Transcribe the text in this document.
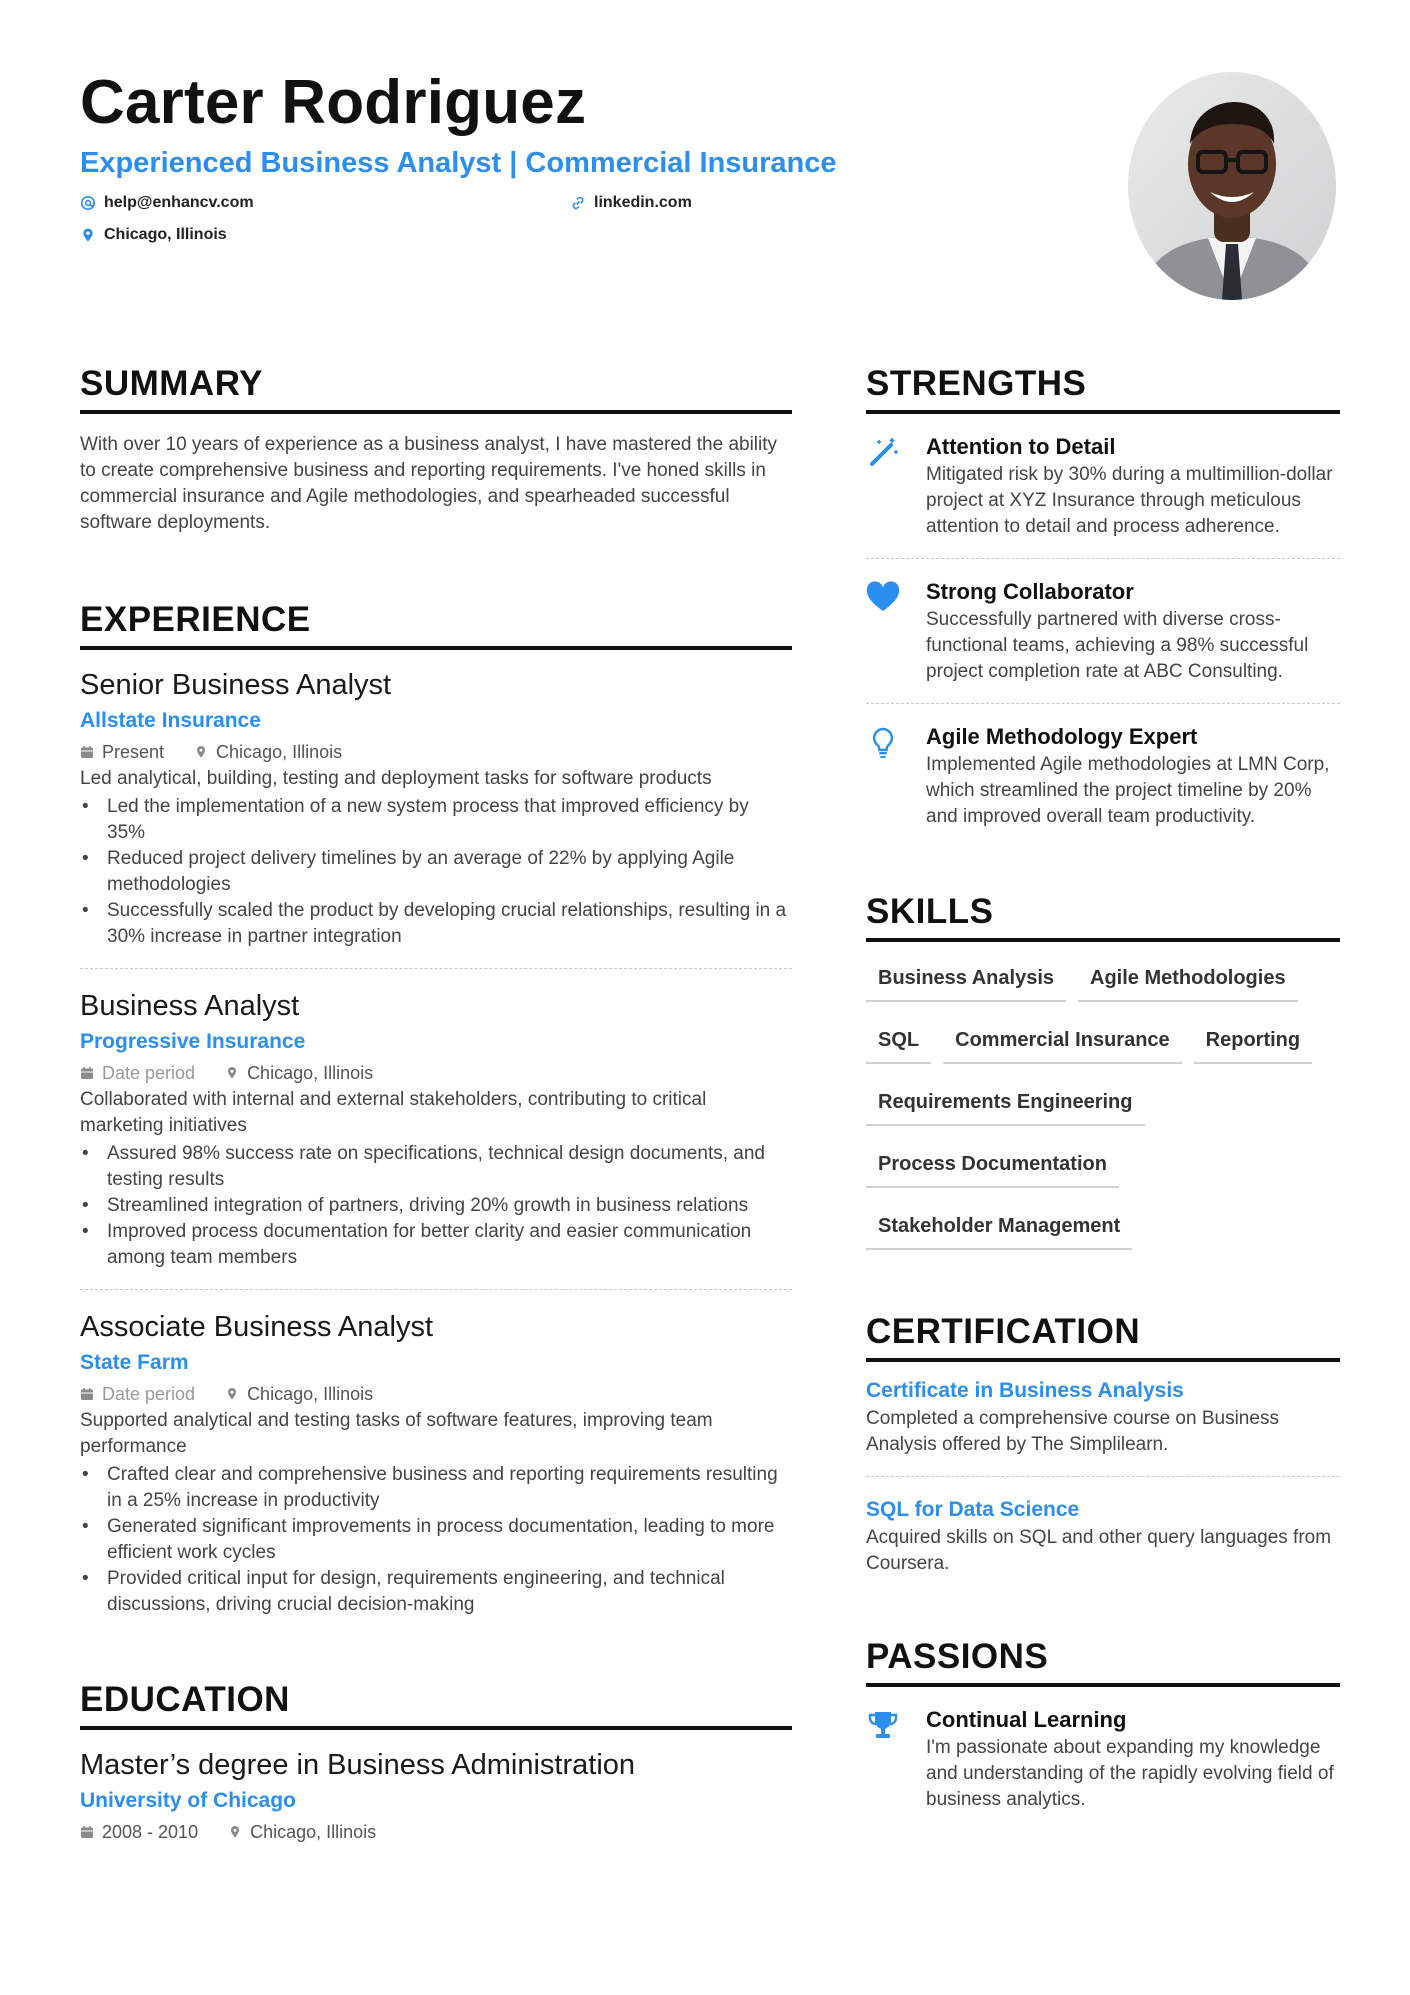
Carter Rodriguez
Experienced Business Analyst | Commercial Insurance
help@enhancv.com	linkedin.com
Chicago, Illinois
SUMMARY
With over 10 years of experience as a business analyst, I have mastered the ability to create comprehensive business and reporting requirements. I've honed skills in commercial insurance and Agile methodologies, and spearheaded successful software deployments.
EXPERIENCE
Senior Business Analyst
Allstate Insurance
Present	Chicago, Illinois
Led analytical, building, testing and deployment tasks for software products
• Led the implementation of a new system process that improved efficiency by 35%
• Reduced project delivery timelines by an average of 22% by applying Agile methodologies
• Successfully scaled the product by developing crucial relationships, resulting in a 30% increase in partner integration
Business Analyst
Progressive Insurance
Date period	Chicago, Illinois
Collaborated with internal and external stakeholders, contributing to critical marketing initiatives
• Assured 98% success rate on specifications, technical design documents, and testing results
• Streamlined integration of partners, driving 20% growth in business relations
• Improved process documentation for better clarity and easier communication among team members
Associate Business Analyst
State Farm
Date period	Chicago, Illinois
Supported analytical and testing tasks of software features, improving team performance
• Crafted clear and comprehensive business and reporting requirements resulting in a 25% increase in productivity
• Generated significant improvements in process documentation, leading to more efficient work cycles
• Provided critical input for design, requirements engineering, and technical discussions, driving crucial decision-making
EDUCATION
Master’s degree in Business Administration
University of Chicago
2008 - 2010	Chicago, Illinois
STRENGTHS
Attention to Detail
Mitigated risk by 30% during a multimillion-dollar project at XYZ Insurance through meticulous attention to detail and process adherence.
Strong Collaborator
Successfully partnered with diverse cross-functional teams, achieving a 98% successful project completion rate at ABC Consulting.
Agile Methodology Expert
Implemented Agile methodologies at LMN Corp, which streamlined the project timeline by 20% and improved overall team productivity.
SKILLS
Business Analysis	Agile Methodologies
SQL	Commercial Insurance	Reporting
Requirements Engineering
Process Documentation
Stakeholder Management
CERTIFICATION
Certificate in Business Analysis
Completed a comprehensive course on Business Analysis offered by The Simplilearn.
SQL for Data Science
Acquired skills on SQL and other query languages from Coursera.
PASSIONS
Continual Learning
I'm passionate about expanding my knowledge and understanding of the rapidly evolving field of business analytics.
